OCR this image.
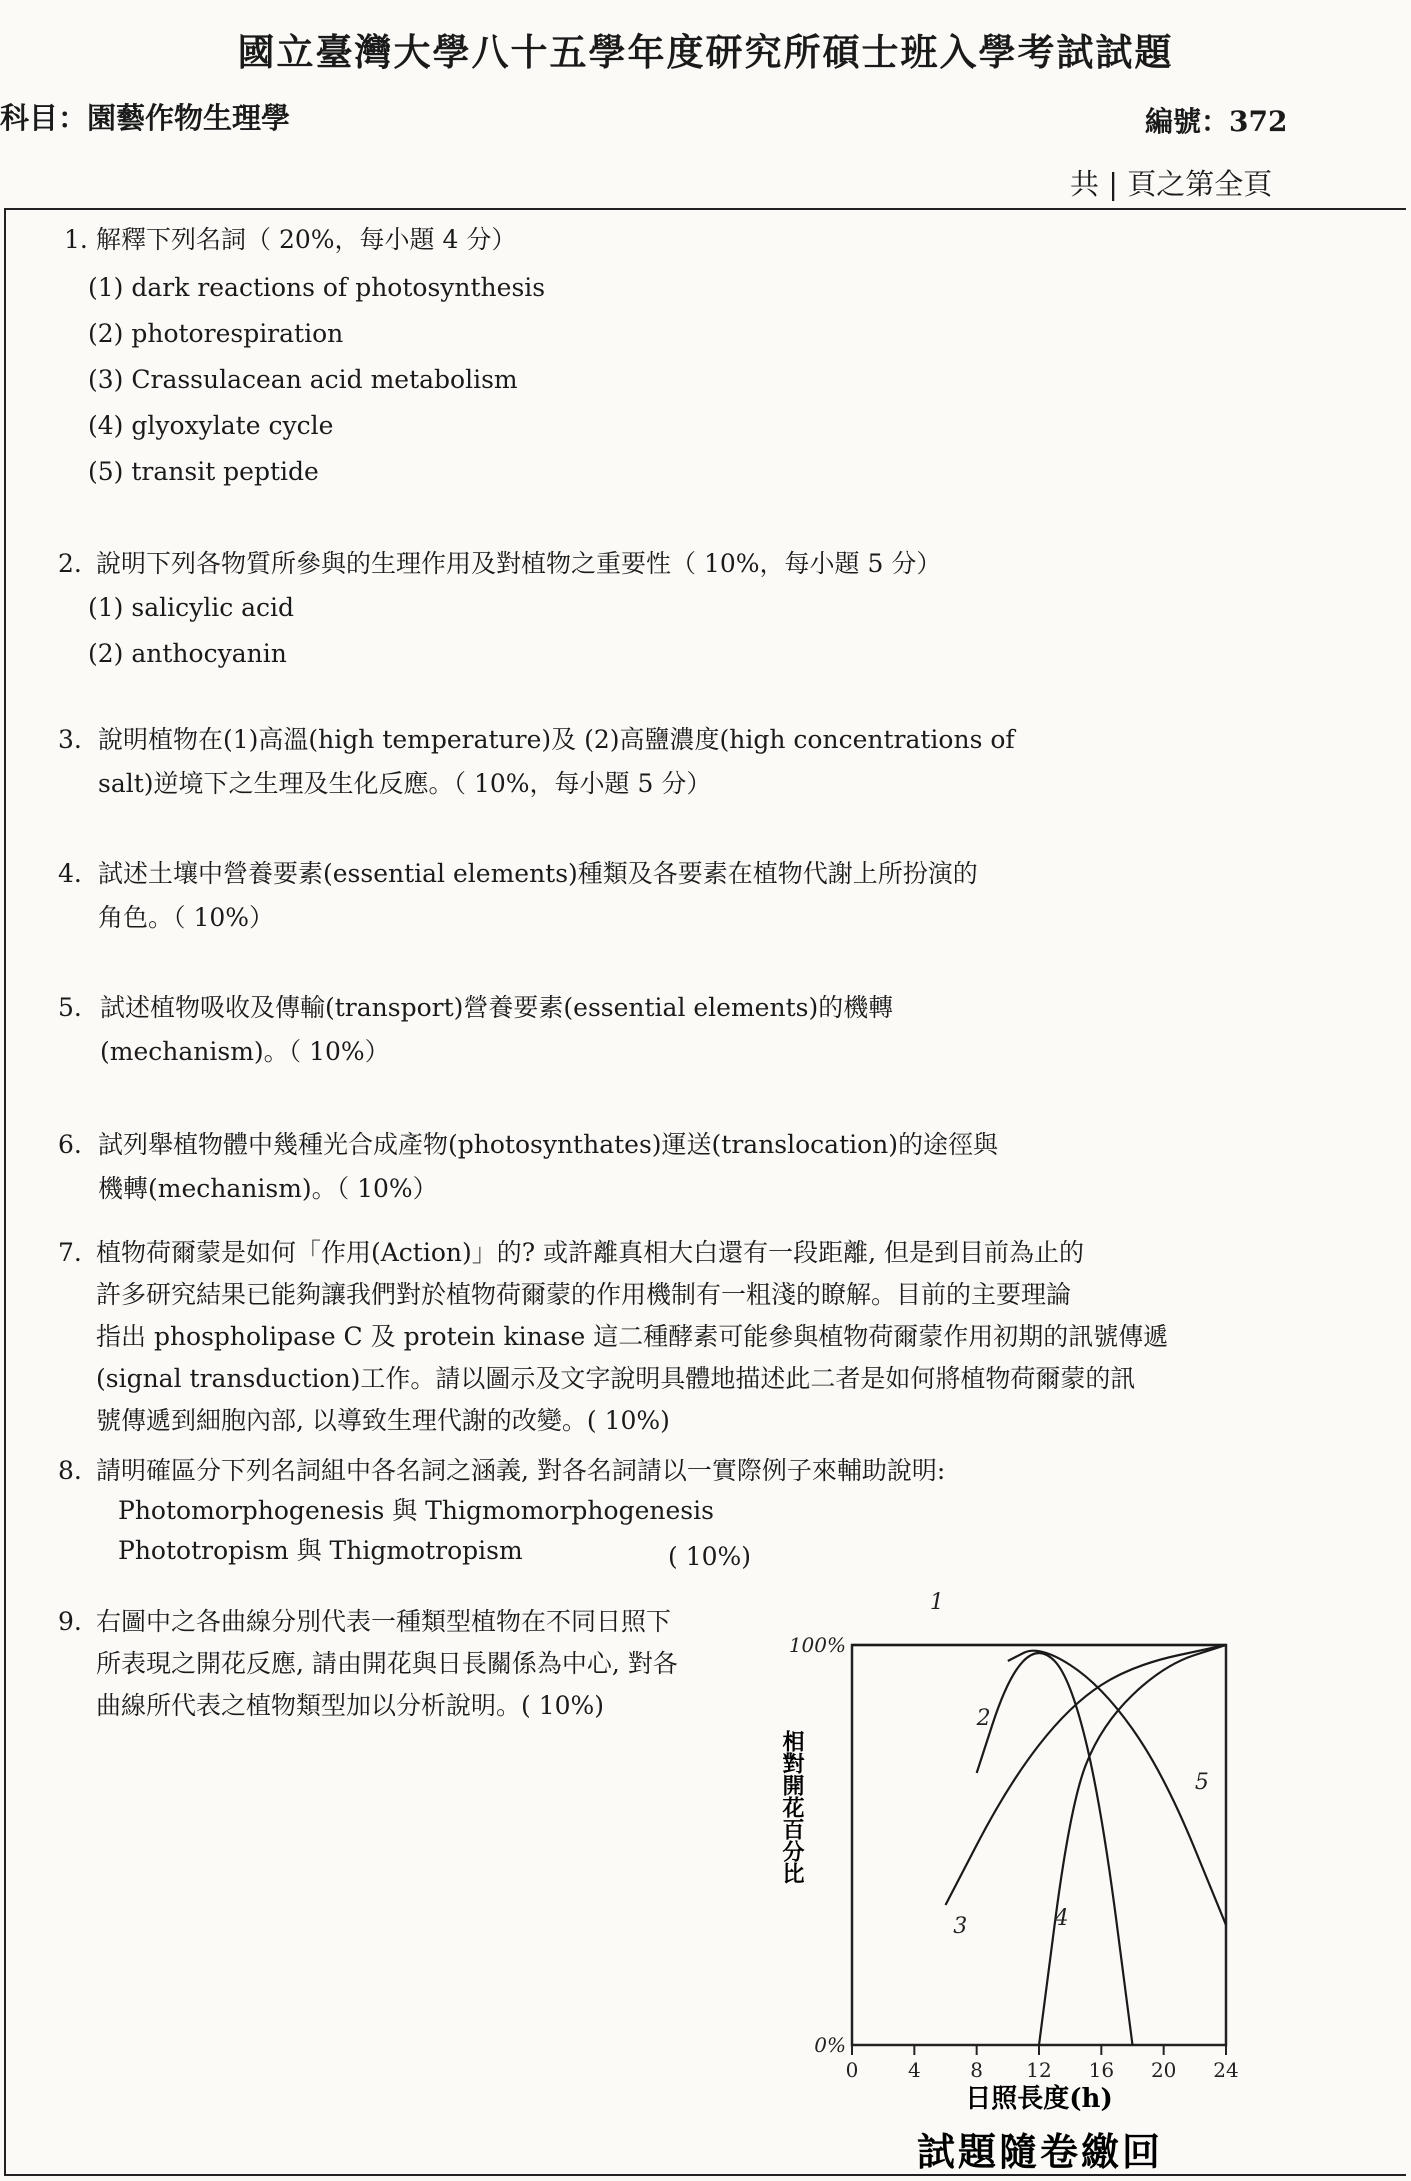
國立臺灣大學八十五學年度研究所碩士班入學考試試題
科目：園藝作物生理學	編號：372
共 | 頁之第全頁
1. 解釋下列名詞（ 20%，每小題 4 分）
(1) dark reactions of photosynthesis
(2) photorespiration
(3) Crassulacean acid metabolism
(4) glyoxylate cycle
(5) transit peptide
2. 說明下列各物質所參與的生理作用及對植物之重要性（ 10%，每小題 5 分）
(1) salicylic acid
(2) anthocyanin
3. 說明植物在(1)高溫(high temperature)及 (2)高鹽濃度(high concentrations of
salt)逆境下之生理及生化反應。（ 10%，每小題 5 分）
4. 試述土壤中營養要素(essential elements)種類及各要素在植物代謝上所扮演的
角色。（ 10%）
5. 試述植物吸收及傳輸(transport)營養要素(essential elements)的機轉
(mechanism)。（ 10%）
6. 試列舉植物體中幾種光合成產物(photosynthates)運送(translocation)的途徑與
機轉(mechanism)。（ 10%）
7. 植物荷爾蒙是如何「作用(Action)」的? 或許離真相大白還有一段距離, 但是到目前為止的
許多研究結果已能夠讓我們對於植物荷爾蒙的作用機制有一粗淺的瞭解。目前的主要理論
指出 phospholipase C 及 protein kinase 這二種酵素可能參與植物荷爾蒙作用初期的訊號傳遞
(signal transduction)工作。請以圖示及文字說明具體地描述此二者是如何將植物荷爾蒙的訊
號傳遞到細胞內部, 以導致生理代謝的改變。( 10%)
8. 請明確區分下列名詞組中各名詞之涵義, 對各名詞請以一實際例子來輔助說明:
Photomorphogenesis 與 Thigmomorphogenesis
Phototropism 與 Thigmotropism	( 10%)
9. 右圖中之各曲線分別代表一種類型植物在不同日照下
所表現之開花反應, 請由開花與日長關係為中心, 對各
曲線所代表之植物類型加以分析說明。( 10%)
0 4 8 12 16 20 24
0%
100%
1
2
3	4
5
相對開花百分比
日照長度(h)
試題隨卷繳回
